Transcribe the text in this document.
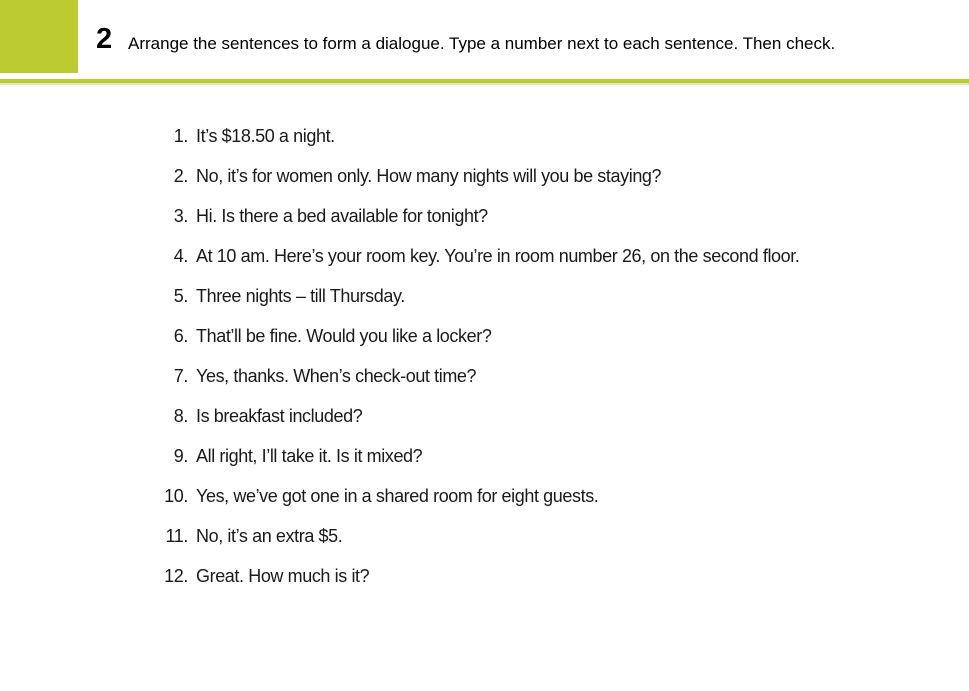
2 Arrange the sentences to form a dialogue. Type a number next to each sentence. Then check.
1. It’s $18.50 a night.
2. No, it’s for women only. How many nights will you be staying?
3. Hi. Is there a bed available for tonight?
4. At 10 am. Here’s your room key. You’re in room number 26, on the second floor.
5. Three nights – till Thursday.
6. That’ll be fine. Would you like a locker?
7. Yes, thanks. When’s check-out time?
8. Is breakfast included?
9. All right, I’ll take it. Is it mixed?
10. Yes, we’ve got one in a shared room for eight guests.
11. No, it’s an extra $5.
12. Great. How much is it?
